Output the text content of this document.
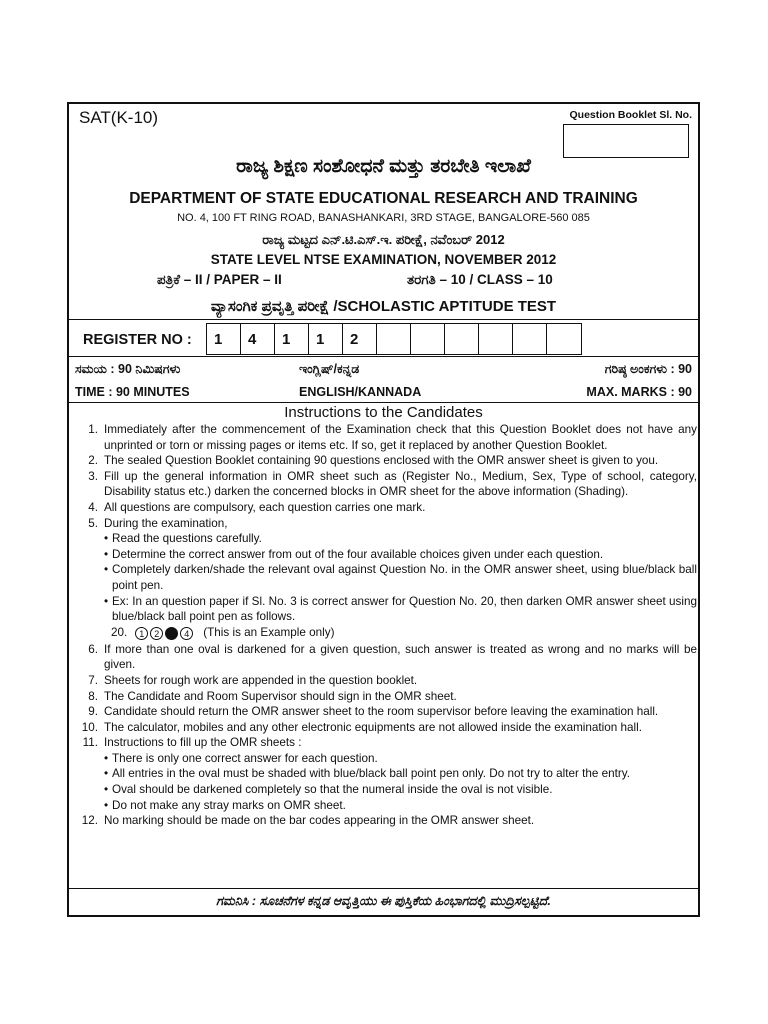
SAT(K-10)	Question Booklet Sl. No.
ರಾಜ್ಯ ಶಿಕ್ಷಣ ಸಂಶೋಧನೆ ಮತ್ತು ತರಬೇತಿ ಇಲಾಖೆ
DEPARTMENT OF STATE EDUCATIONAL RESEARCH AND TRAINING
NO. 4, 100 FT RING ROAD, BANASHANKARI, 3RD STAGE, BANGALORE-560 085
ರಾಜ್ಯ ಮಟ್ಟದ ಎನ್.ಟಿ.ಎಸ್.ಇ. ಪರೀಕ್ಷೆ, ನವೆಂಬರ್ 2012
STATE LEVEL NTSE EXAMINATION, NOVEMBER 2012
ಪತ್ರಿಕೆ – II / PAPER – II	ತರಗತಿ – 10 / CLASS – 10
ವ್ಯಾಸಂಗಿಕ ಪ್ರವೃತ್ತಿ ಪರೀಕ್ಷೆ /SCHOLASTIC APTITUDE TEST
REGISTER NO :	1	4	1	1	2
ಸಮಯ : 90 ನಿಮಿಷಗಳು	ಇಂಗ್ಲಿಷ್/ಕನ್ನಡ	ಗರಿಷ್ಠ ಅಂಕಗಳು : 90
TIME : 90 MINUTES	ENGLISH/KANNADA	MAX. MARKS : 90
Instructions to the Candidates
1. Immediately after the commencement of the Examination check that this Question Booklet does not have any unprinted or torn or missing pages or items etc. If so, get it replaced by another Question Booklet.
2. The sealed Question Booklet containing 90 questions enclosed with the OMR answer sheet is given to you.
3. Fill up the general information in OMR sheet such as (Register No., Medium, Sex, Type of school, category, Disability status etc.) darken the concerned blocks in OMR sheet for the above information (Shading).
4. All questions are compulsory, each question carries one mark.
5. During the examination,
• Read the questions carefully.
• Determine the correct answer from out of the four available choices given under each question.
• Completely darken/shade the relevant oval against Question No. in the OMR answer sheet, using blue/black ball point pen.
• Ex: In an question paper if Sl. No. 3 is correct answer for Question No. 20, then darken OMR answer sheet using blue/black ball point pen as follows.
20.	1	2	4	(This is an Example only)
6. If more than one oval is darkened for a given question, such answer is treated as wrong and no marks will be given.
7. Sheets for rough work are appended in the question booklet.
8. The Candidate and Room Supervisor should sign in the OMR sheet.
9. Candidate should return the OMR answer sheet to the room supervisor before leaving the examination hall.
10. The calculator, mobiles and any other electronic equipments are not allowed inside the examination hall.
11. Instructions to fill up the OMR sheets :
• There is only one correct answer for each question.
• All entries in the oval must be shaded with blue/black ball point pen only. Do not try to alter the entry.
• Oval should be darkened completely so that the numeral inside the oval is not visible.
• Do not make any stray marks on OMR sheet.
12. No marking should be made on the bar codes appearing in the OMR answer sheet.
ಗಮನಿಸಿ : ಸೂಚನೆಗಳ ಕನ್ನಡ ಆವೃತ್ತಿಯು ಈ ಪುಸ್ತಿಕೆಯ ಹಿಂಭಾಗದಲ್ಲಿ ಮುದ್ರಿಸಲ್ಪಟ್ಟಿದೆ.
